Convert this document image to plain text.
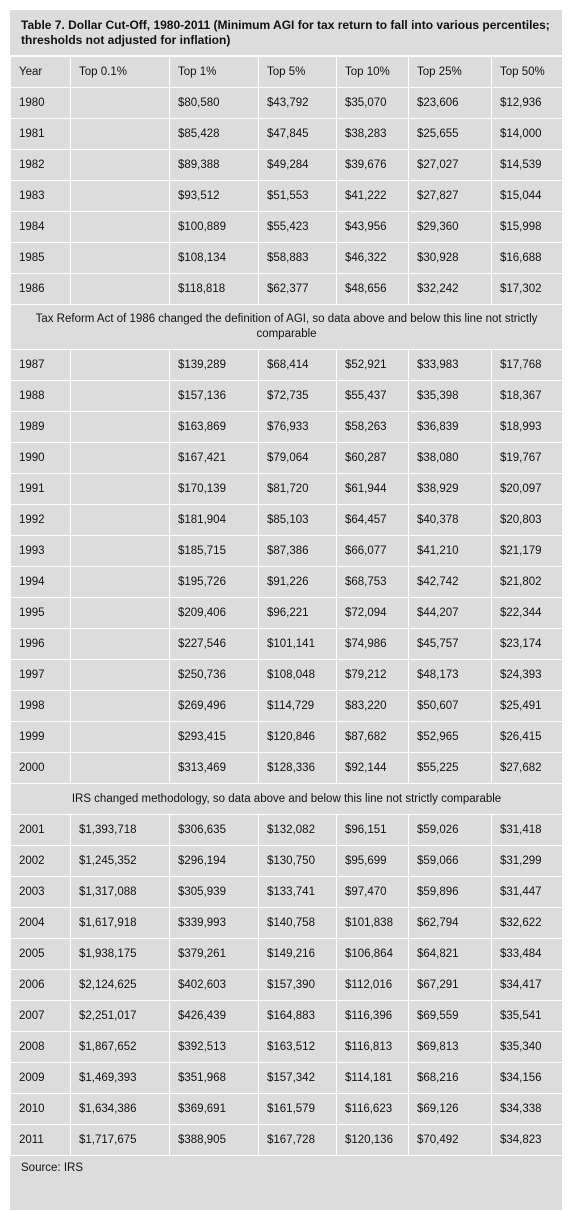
Table 7. Dollar Cut-Off, 1980-2011 (Minimum AGI for tax return to fall into various percentiles; thresholds not adjusted for inflation)
Year	Top 0.1%	Top 1%	Top 5%	Top 10%	Top 25%	Top 50%
1980		$80,580	$43,792	$35,070	$23,606	$12,936
1981		$85,428	$47,845	$38,283	$25,655	$14,000
1982		$89,388	$49,284	$39,676	$27,027	$14,539
1983		$93,512	$51,553	$41,222	$27,827	$15,044
1984		$100,889	$55,423	$43,956	$29,360	$15,998
1985		$108,134	$58,883	$46,322	$30,928	$16,688
1986		$118,818	$62,377	$48,656	$32,242	$17,302
Tax Reform Act of 1986 changed the definition of AGI, so data above and below this line not strictly comparable						
1987		$139,289	$68,414	$52,921	$33,983	$17,768
1988		$157,136	$72,735	$55,437	$35,398	$18,367
1989		$163,869	$76,933	$58,263	$36,839	$18,993
1990		$167,421	$79,064	$60,287	$38,080	$19,767
1991		$170,139	$81,720	$61,944	$38,929	$20,097
1992		$181,904	$85,103	$64,457	$40,378	$20,803
1993		$185,715	$87,386	$66,077	$41,210	$21,179
1994		$195,726	$91,226	$68,753	$42,742	$21,802
1995		$209,406	$96,221	$72,094	$44,207	$22,344
1996		$227,546	$101,141	$74,986	$45,757	$23,174
1997		$250,736	$108,048	$79,212	$48,173	$24,393
1998		$269,496	$114,729	$83,220	$50,607	$25,491
1999		$293,415	$120,846	$87,682	$52,965	$26,415
2000		$313,469	$128,336	$92,144	$55,225	$27,682
IRS changed methodology, so data above and below this line not strictly comparable						
2001	$1,393,718	$306,635	$132,082	$96,151	$59,026	$31,418
2002	$1,245,352	$296,194	$130,750	$95,699	$59,066	$31,299
2003	$1,317,088	$305,939	$133,741	$97,470	$59,896	$31,447
2004	$1,617,918	$339,993	$140,758	$101,838	$62,794	$32,622
2005	$1,938,175	$379,261	$149,216	$106,864	$64,821	$33,484
2006	$2,124,625	$402,603	$157,390	$112,016	$67,291	$34,417
2007	$2,251,017	$426,439	$164,883	$116,396	$69,559	$35,541
2008	$1,867,652	$392,513	$163,512	$116,813	$69,813	$35,340
2009	$1,469,393	$351,968	$157,342	$114,181	$68,216	$34,156
2010	$1,634,386	$369,691	$161,579	$116,623	$69,126	$34,338
2011	$1,717,675	$388,905	$167,728	$120,136	$70,492	$34,823
Source: IRS
